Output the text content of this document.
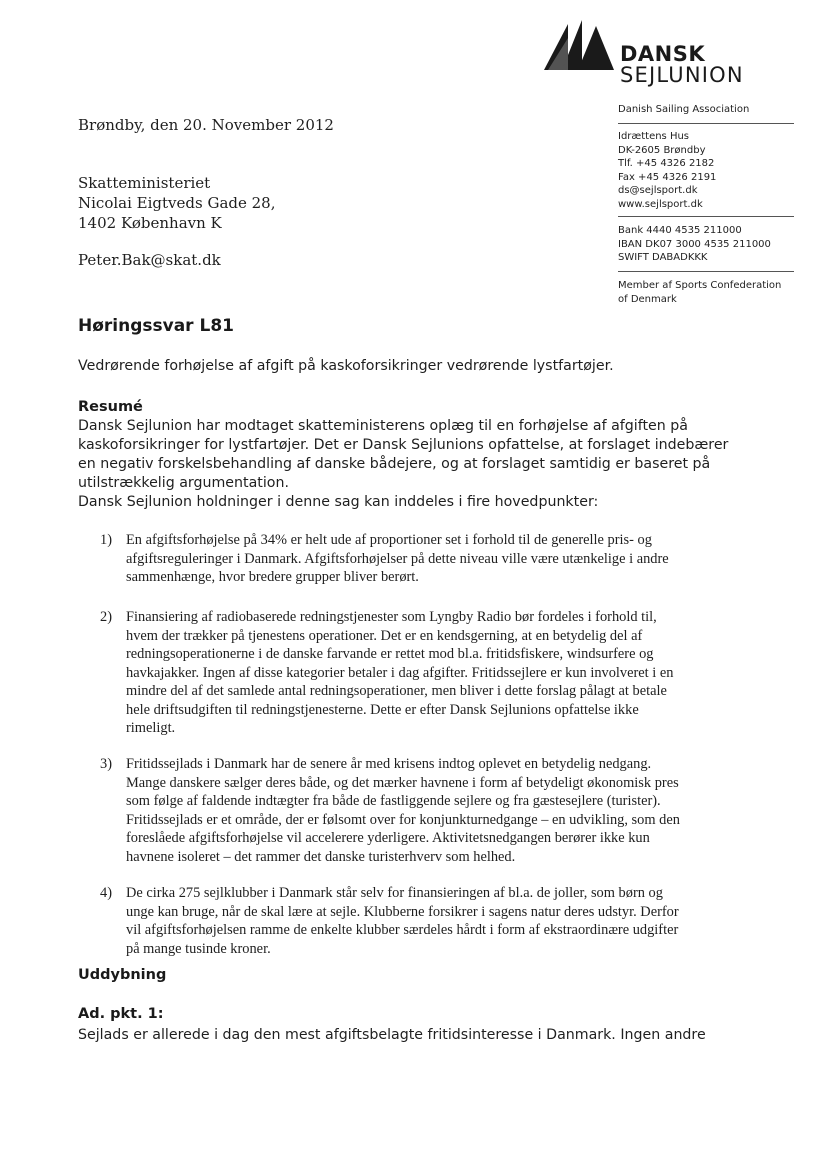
DANSK
SEJLUNION
Danish Sailing Association
Idrættens Hus
DK-2605 Brøndby
Tlf. +45 4326 2182
Fax +45 4326 2191
ds@sejlsport.dk
www.sejlsport.dk
Bank 4440 4535 211000
IBAN DK07 3000 4535 211000
SWIFT DABADKKK
Member af Sports Confederation
of Denmark
Brøndby, den 20. November 2012
Skatteministeriet
Nicolai Eigtveds Gade 28,
1402 København K
Peter.Bak@skat.dk
Høringssvar L81
Vedrørende forhøjelse af afgift på kaskoforsikringer vedrørende lystfartøjer.
Resumé
Dansk Sejlunion har modtaget skatteministerens oplæg til en forhøjelse af afgiften på
kaskoforsikringer for lystfartøjer. Det er Dansk Sejlunions opfattelse, at forslaget indebærer
en negativ forskelsbehandling af danske bådejere, og at forslaget samtidig er baseret på
utilstrækkelig argumentation.
Dansk Sejlunion holdninger i denne sag kan inddeles i fire hovedpunkter:
1) En afgiftsforhøjelse på 34% er helt ude af proportioner set i forhold til de generelle pris- og
afgiftsreguleringer i Danmark. Afgiftsforhøjelser på dette niveau ville være utænkelige i andre
sammenhænge, hvor bredere grupper bliver berørt.
2) Finansiering af radiobaserede redningstjenester som Lyngby Radio bør fordeles i forhold til,
hvem der trækker på tjenestens operationer. Det er en kendsgerning, at en betydelig del af
redningsoperationerne i de danske farvande er rettet mod bl.a. fritidsfiskere, windsurfere og
havkajakker. Ingen af disse kategorier betaler i dag afgifter. Fritidssejlere er kun involveret i en
mindre del af det samlede antal redningsoperationer, men bliver i dette forslag pålagt at betale
hele driftsudgiften til redningstjenesterne. Dette er efter Dansk Sejlunions opfattelse ikke
rimeligt.
3) Fritidssejlads i Danmark har de senere år med krisens indtog oplevet en betydelig nedgang.
Mange danskere sælger deres både, og det mærker havnene i form af betydeligt økonomisk pres
som følge af faldende indtægter fra både de fastliggende sejlere og fra gæstesejlere (turister).
Fritidssejlads er et område, der er følsomt over for konjunkturnedgange – en udvikling, som den
foreslåede afgiftsforhøjelse vil accelerere yderligere. Aktivitetsnedgangen berører ikke kun
havnene isoleret – det rammer det danske turisterhverv som helhed.
4) De cirka 275 sejlklubber i Danmark står selv for finansieringen af bl.a. de joller, som børn og
unge kan bruge, når de skal lære at sejle. Klubberne forsikrer i sagens natur deres udstyr. Derfor
vil afgiftsforhøjelsen ramme de enkelte klubber særdeles hårdt i form af ekstraordinære udgifter
på mange tusinde kroner.
Uddybning
Ad. pkt. 1:
Sejlads er allerede i dag den mest afgiftsbelagte fritidsinteresse i Danmark. Ingen andre
